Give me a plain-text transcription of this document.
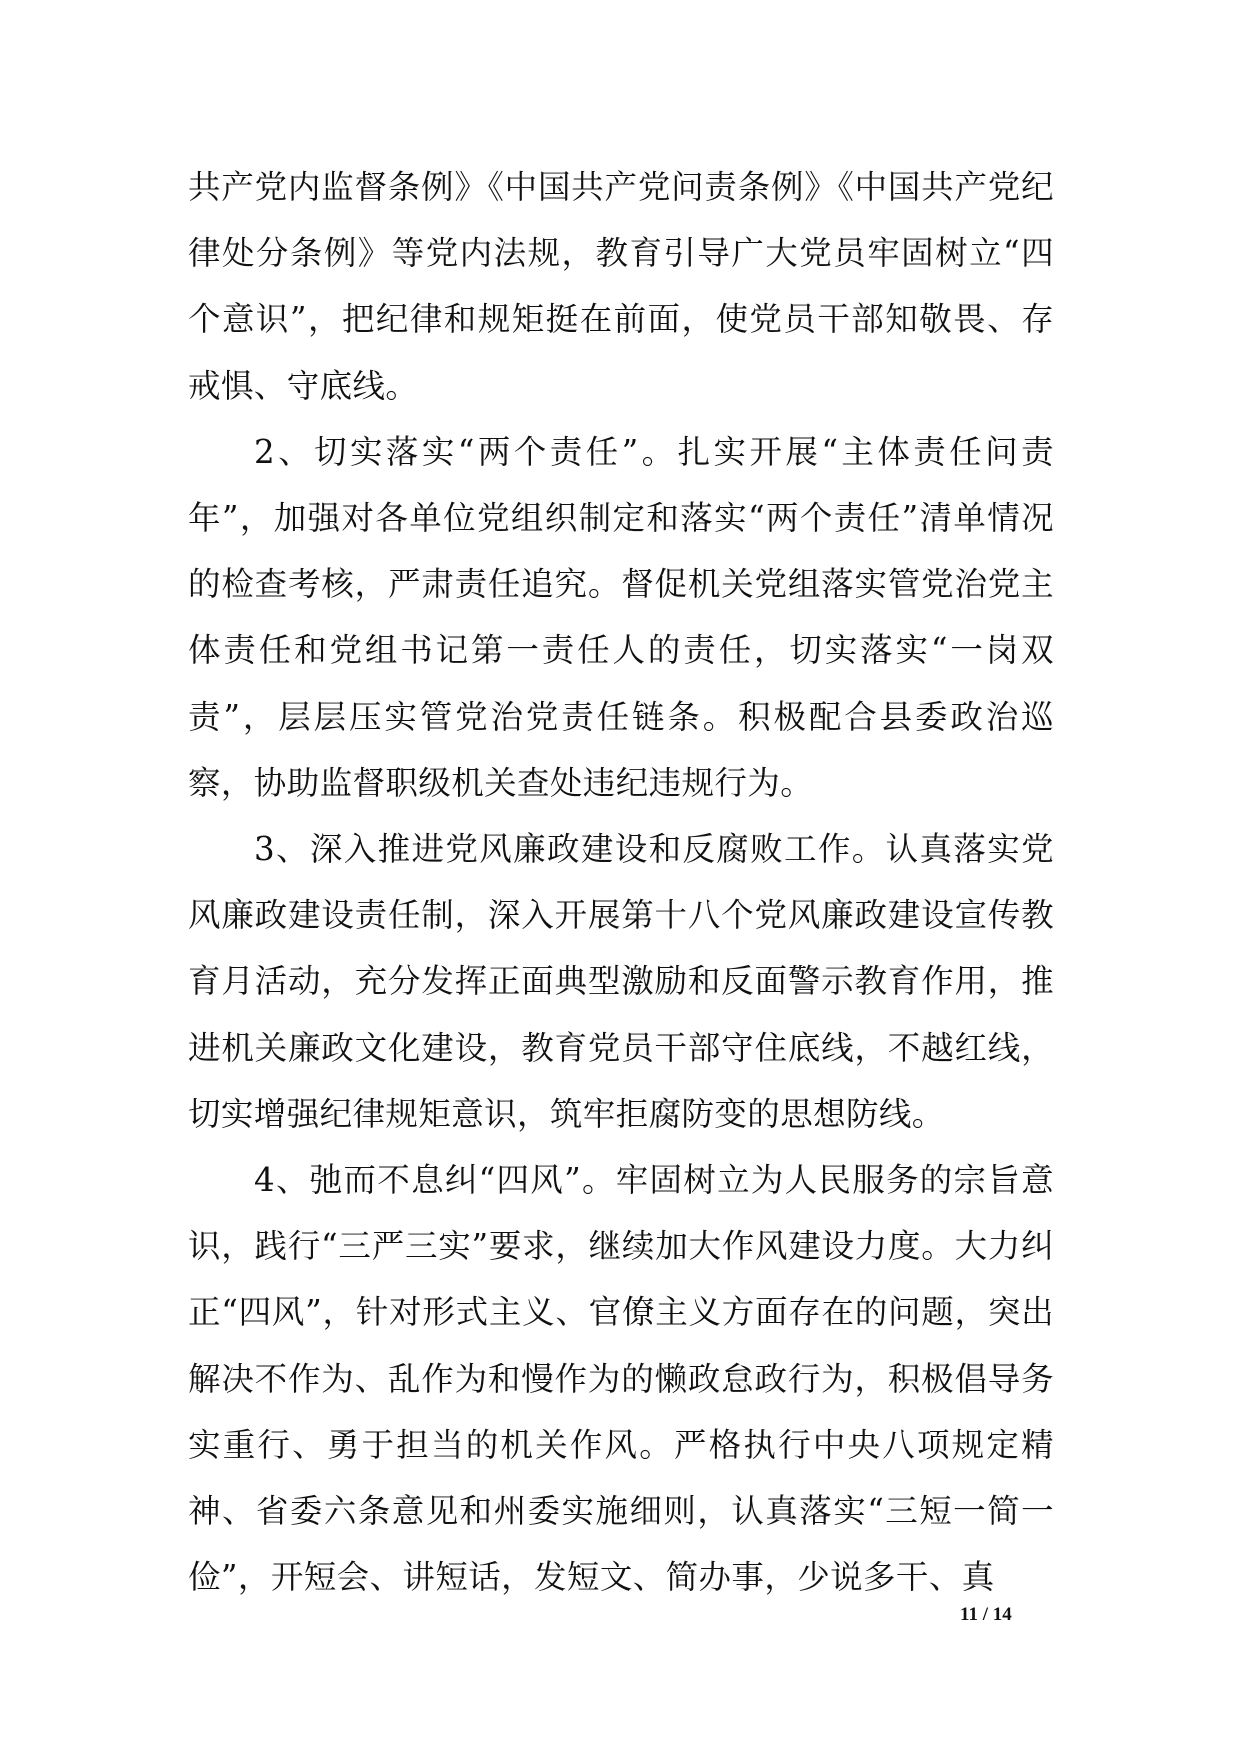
共产党内监督条例》《中国共产党问责条例》《中国共产党纪律处分条例》等党内法规，教育引导广大党员牢固树立“四个意识”，把纪律和规矩挺在前面，使党员干部知敬畏、存戒惧、守底线。

2、切实落实“两个责任”。扎实开展“主体责任问责年”，加强对各单位党组织制定和落实“两个责任”清单情况的检查考核，严肃责任追究。督促机关党组落实管党治党主体责任和党组书记第一责任人的责任，切实落实“一岗双责”，层层压实管党治党责任链条。积极配合县委政治巡察，协助监督职级机关查处违纪违规行为。

3、深入推进党风廉政建设和反腐败工作。认真落实党风廉政建设责任制，深入开展第十八个党风廉政建设宣传教育月活动，充分发挥正面典型激励和反面警示教育作用，推进机关廉政文化建设，教育党员干部守住底线，不越红线，切实增强纪律规矩意识，筑牢拒腐防变的思想防线。

4、弛而不息纠“四风”。牢固树立为人民服务的宗旨意识，践行“三严三实”要求，继续加大作风建设力度。大力纠正“四风”，针对形式主义、官僚主义方面存在的问题，突出解决不作为、乱作为和慢作为的懒政怠政行为，积极倡导务实重行、勇于担当的机关作风。严格执行中央八项规定精神、省委六条意见和州委实施细则，认真落实“三短一简一俭”，开短会、讲短话，发短文、简办事，少说多干、真

11 / 14
